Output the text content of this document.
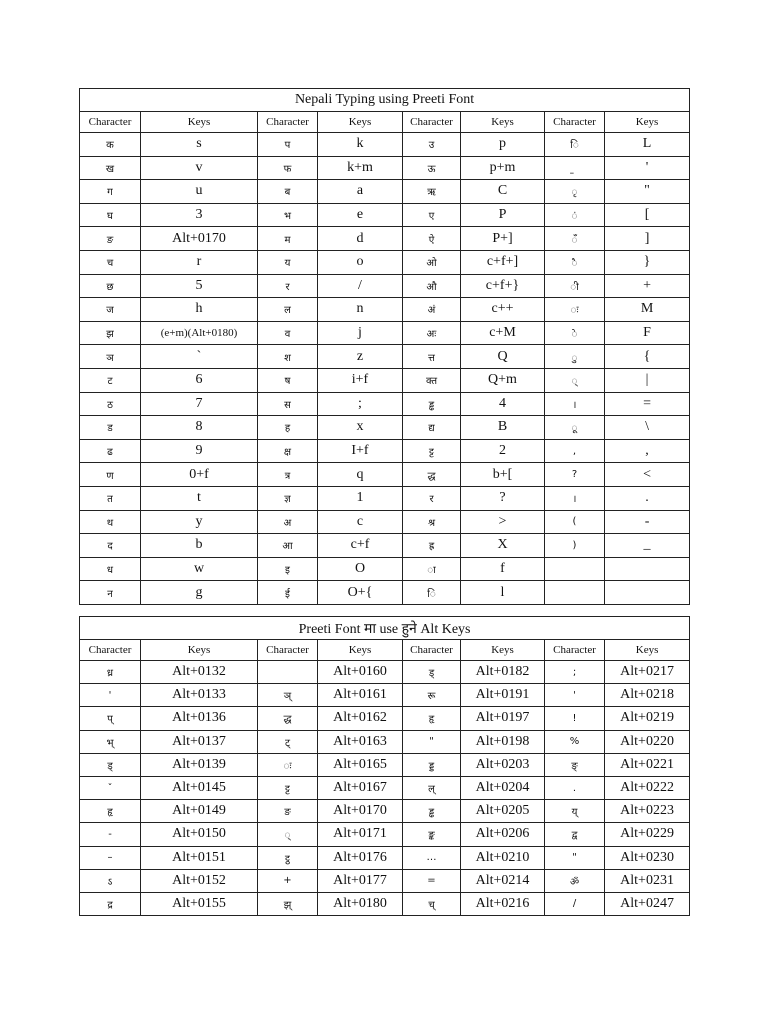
Nepali Typing using Preeti Font							
Character	Keys	Character	Keys	Character	Keys	Character	Keys
क	s	प	k	उ	p	ि	L
ख	v	फ	k+m	ऊ	p+m		'
ग	u	ब	a	ऋ	C	ृ	"
घ	3	भ	e	ए	P	ं	[
ङ	Alt+0170	म	d	ऐ	P+]	ँ	]
च	r	य	o	ओ	c+f+]	ै	}
छ	5	र	/	औ	c+f+}	ी	+
ज	h	ल	n	अं	c++	ः	M
झ	(e+m)(Alt+0180)	व	j	अः	c+M	े	F
ञ	`	श	z	त्त	Q	ु	{
ट	6	ष	i+f	क्त	Q+m	्	|
ठ	7	स	;	ड्ढ	4	।	=
ड	8	ह	x	द्य	B	ू	\
ढ	9	क्ष	I+f	ट्ट	2	,	,
ण	0+f	त्र	q	द्ध	b+[	?	<
त	t	ज्ञ	1	र	?	।	.
थ	y	अ	c	श्र	>	(	-
द	b	आ	c+f	ह्र	X	)	_
ध	w	इ	O	ा	f		
न	g	ई	O+{	ि	l		
Preeti Font मा use हुने Alt Keys							
Character	Keys	Character	Keys	Character	Keys	Character	Keys
ध्र	Alt+0132		Alt+0160	ड्	Alt+0182	;	Alt+0217
'	Alt+0133	ञ्	Alt+0161	रू	Alt+0191	'	Alt+0218
प्	Alt+0136	द्ध	Alt+0162	हृ	Alt+0197	!	Alt+0219
भ्	Alt+0137	ट्	Alt+0163	"	Alt+0198	%	Alt+0220
ड्	Alt+0139	ः	Alt+0165	ड्ड	Alt+0203	ङ्	Alt+0221
ˇ	Alt+0145	ट्ट	Alt+0167	ल्	Alt+0204	.	Alt+0222
हृ	Alt+0149	ङ	Alt+0170	ड्ढ	Alt+0205	य्	Alt+0223
-	Alt+0150	्	Alt+0171	ङ्क	Alt+0206	द्व	Alt+0229
–	Alt+0151	ट्ठ	Alt+0176	…	Alt+0210	"	Alt+0230
ऽ	Alt+0152	+	Alt+0177	=	Alt+0214	ॐ	Alt+0231
द्र	Alt+0155	झ्	Alt+0180	च्	Alt+0216	/	Alt+0247
